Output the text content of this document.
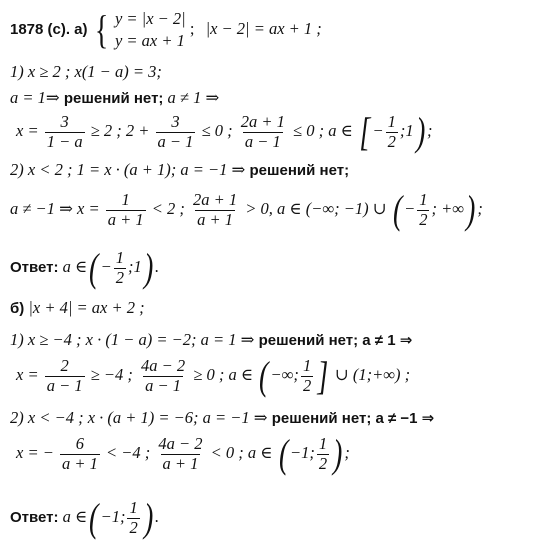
1878 (с). а) { y = |x − 2|
y = ax + 1
; |x − 2| = ax + 1 ;
1) x ≥ 2 ; x(1 − a) = 3;
a = 1⇒ решений нет; a ≠ 1 ⇒
$x = \frac{3}{1 - a} \ge 2$ ; $2 + \frac{3}{a - 1} \le 0$ ; $\frac{2a + 1}{a - 1} \le 0$ ; a ∈ [ − $\frac{1}{2}$ ;1) ;
2) x < 2 ; 1 = x · (a + 1); a = −1 ⇒ решений нет;
a ≠ −1 ⇒ $x = \frac{1}{a + 1} < 2$ ; $\frac{2a + 1}{a + 1} > 0$, a ∈ (−∞; −1) ∪ ( − $\frac{1}{2}$ ; +∞) ;
Ответ: a ∈( − $\frac{1}{2}$ ;1) .
б) |x + 4| = ax + 2 ;
1) x ≥ −4 ; x · (1 − a) = −2; a = 1 ⇒ решений нет; a ≠ 1 ⇒
$x = \frac{2}{a - 1} \ge -4$ ; $\frac{4a - 2}{a - 1} \ge 0$ ; a ∈ ( −∞; $\frac{1}{2}$ ] ∪ (1;+∞) ;
2) x < −4 ; x · (a + 1) = −6; a = −1 ⇒ решений нет; a ≠ −1 ⇒
x = − $\frac{6}{a + 1} < -4$ ; $\frac{4a - 2}{a + 1} < 0$ ; a ∈ ( −1; $\frac{1}{2}$ ) ;
Ответ: a ∈( −1; $\frac{1}{2}$ ) .
